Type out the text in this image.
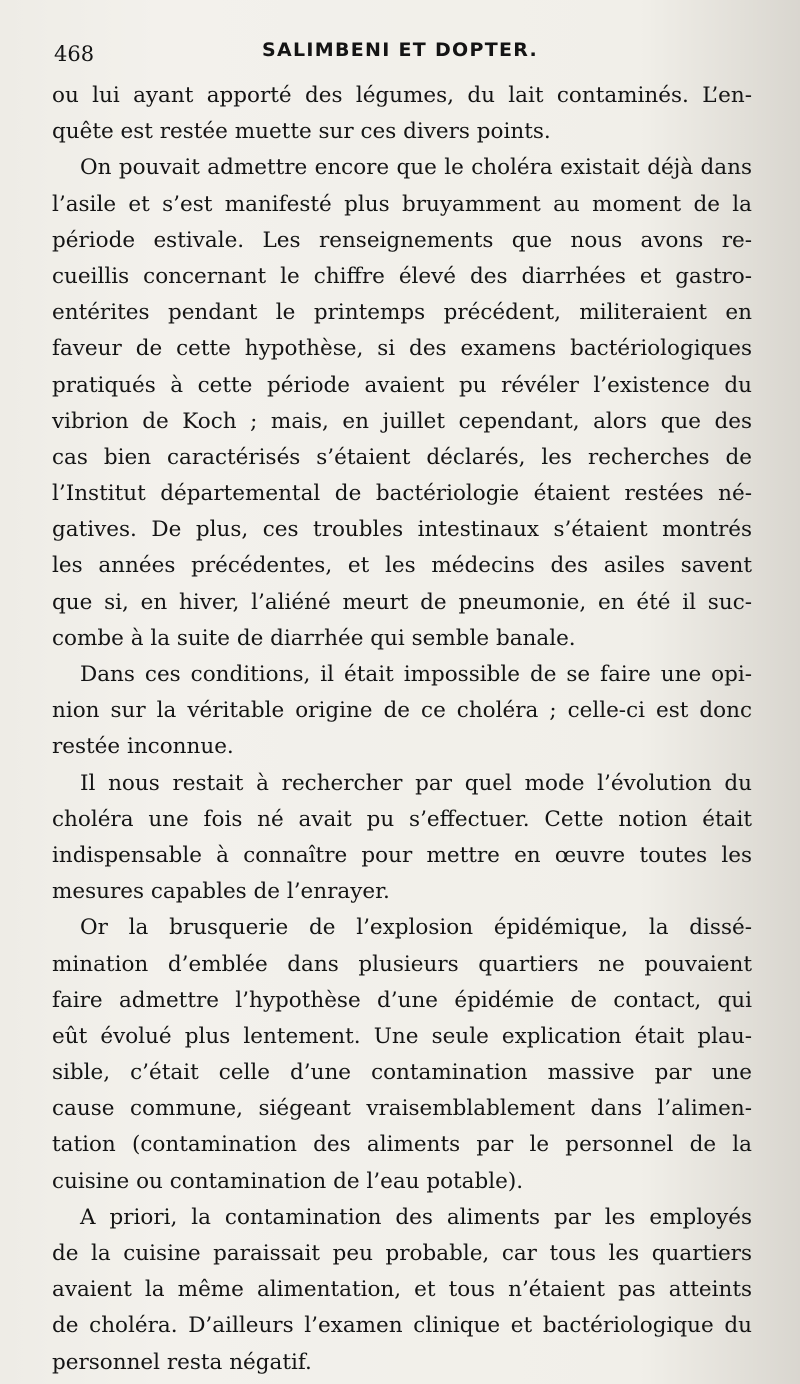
468	SALIMBENI ET DOPTER.
ou lui ayant apporté des légumes, du lait contaminés. L’en-
quête est restée muette sur ces divers points.
On pouvait admettre encore que le choléra existait déjà dans
l’asile et s’est manifesté plus bruyamment au moment de la
période estivale. Les renseignements que nous avons re-
cueillis concernant le chiffre élevé des diarrhées et gastro-
entérites pendant le printemps précédent, militeraient en
faveur de cette hypothèse, si des examens bactériologiques
pratiqués à cette période avaient pu révéler l’existence du
vibrion de Koch ; mais, en juillet cependant, alors que des
cas bien caractérisés s’étaient déclarés, les recherches de
l’Institut départemental de bactériologie étaient restées né-
gatives. De plus, ces troubles intestinaux s’étaient montrés
les années précédentes, et les médecins des asiles savent
que si, en hiver, l’aliéné meurt de pneumonie, en été il suc-
combe à la suite de diarrhée qui semble banale.
Dans ces conditions, il était impossible de se faire une opi-
nion sur la véritable origine de ce choléra ; celle-ci est donc
restée inconnue.
Il nous restait à rechercher par quel mode l’évolution du
choléra une fois né avait pu s’effectuer. Cette notion était
indispensable à connaître pour mettre en œuvre toutes les
mesures capables de l’enrayer.
Or la brusquerie de l’explosion épidémique, la dissé-
mination d’emblée dans plusieurs quartiers ne pouvaient
faire admettre l’hypothèse d’une épidémie de contact, qui
eût évolué plus lentement. Une seule explication était plau-
sible, c’était celle d’une contamination massive par une
cause commune, siégeant vraisemblablement dans l’alimen-
tation (contamination des aliments par le personnel de la
cuisine ou contamination de l’eau potable).
A priori, la contamination des aliments par les employés
de la cuisine paraissait peu probable, car tous les quartiers
avaient la même alimentation, et tous n’étaient pas atteints
de choléra. D’ailleurs l’examen clinique et bactériologique du
personnel resta négatif.
